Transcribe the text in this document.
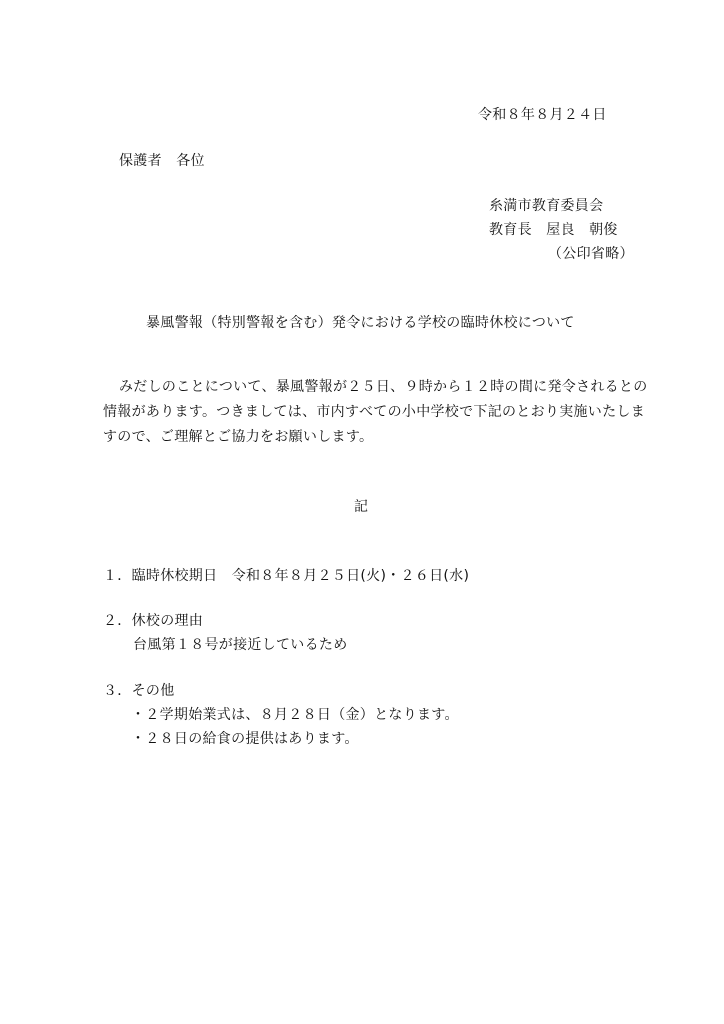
令和８年８月２４日
保護者　各位
糸満市教育委員会
教育長　屋良　朝俊
（公印省略）
暴風警報（特別警報を含む）発令における学校の臨時休校について
みだしのことについて、暴風警報が２５日、９時から１２時の間に発令されるとの
情報があります。つきましては、市内すべての小中学校で下記のとおり実施いたしま
すので、ご理解とご協力をお願いします。
記
１．臨時休校期日　令和８年８月２５日(火)・２６日(水)
２．休校の理由
台風第１８号が接近しているため
３．その他
・２学期始業式は、８月２８日（金）となります。
・２８日の給食の提供はあります。
